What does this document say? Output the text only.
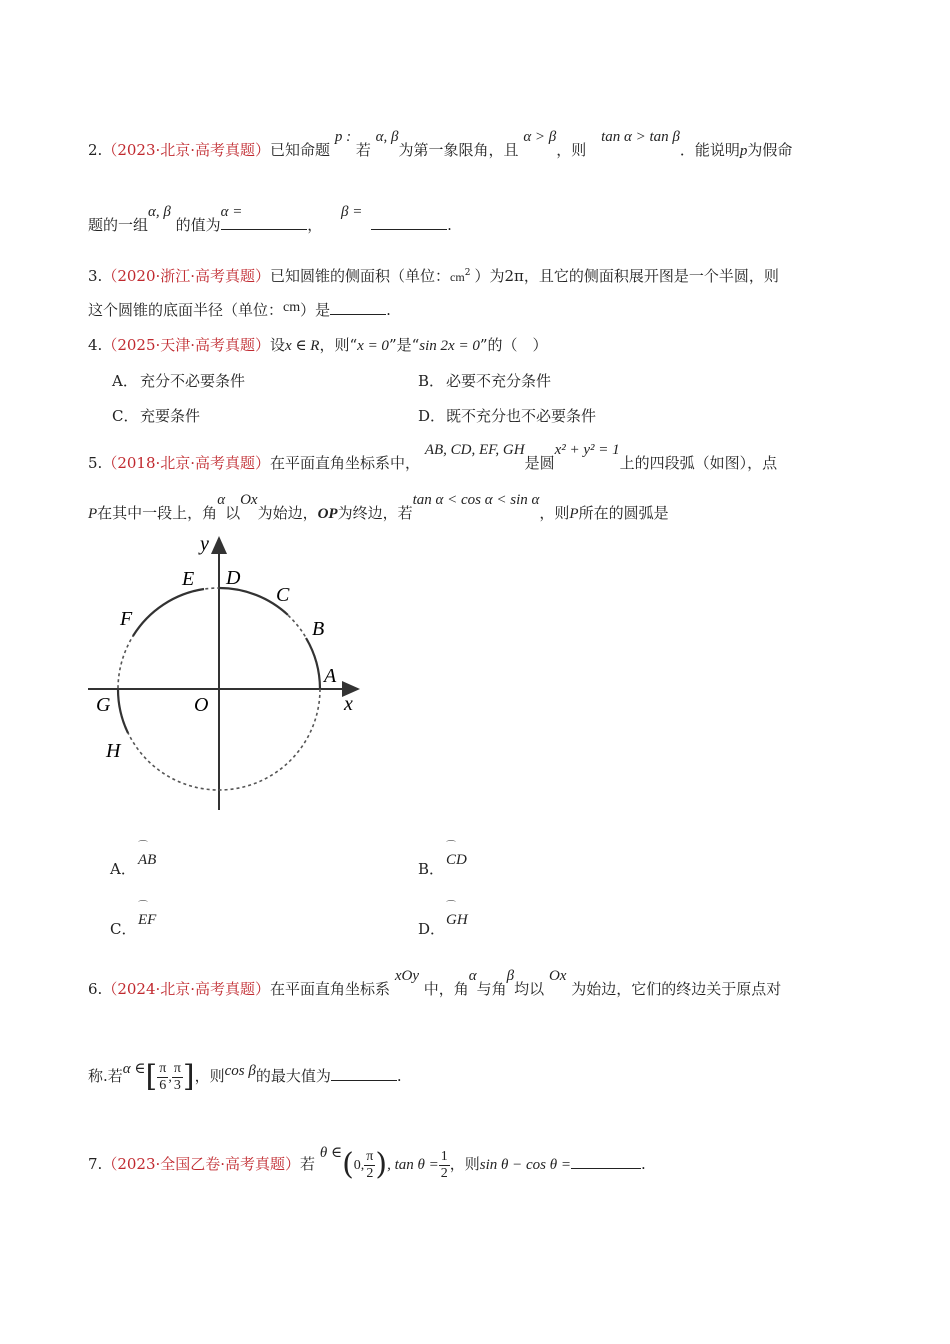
2.（2023·北京·高考真题）已知命题 p : 若 α, β为第一象限角，且 α > β，则 tan α > tan β．能说明p为假命
题的一组α, β 的值为α = ， β = .
3.（2020·浙江·高考真题）已知圆锥的侧面积（单位：$cm^2$ ）为2π，且它的侧面积展开图是一个半圆，则
这个圆锥的底面半径（单位：cm）是	.
4.（2025·天津·高考真题）设x ∈ R，则“x = 0”是“sin 2x = 0”的（　）
A． 充分不必要条件	B． 必要不充分条件
C． 充要条件	D．既不充分也不必要条件
5.（2018·北京·高考真题）在平面直角坐标系中， AB, CD, EF, GH是圆x² + y² = 1上的四段弧（如图），点
P在其中一段上，角α以Ox为始边，OP为终边，若tan α < cos α < sin α，则P所在的圆弧是
y
x
O
A
B
C
D
E
F
G
H
A． ⌒ AB	B． ⌒ CD
C． ⌒ EF	D．⌒ GH
6.（2024·北京·高考真题）在平面直角坐标系 xOy 中，角α与角β均以 Ox 为始边，它们的终边关于原点对
称.若α ∈[ $\frac{\pi}{6}$ , $\frac{\pi}{3}$ ]，则cos β的最大值为	.
7.（2023·全国乙卷·高考真题）若 θ ∈(0, $\frac{\pi}{2}$ ), $\tan \theta = \frac{1}{2}$ ，则sin θ − cos θ =	.
